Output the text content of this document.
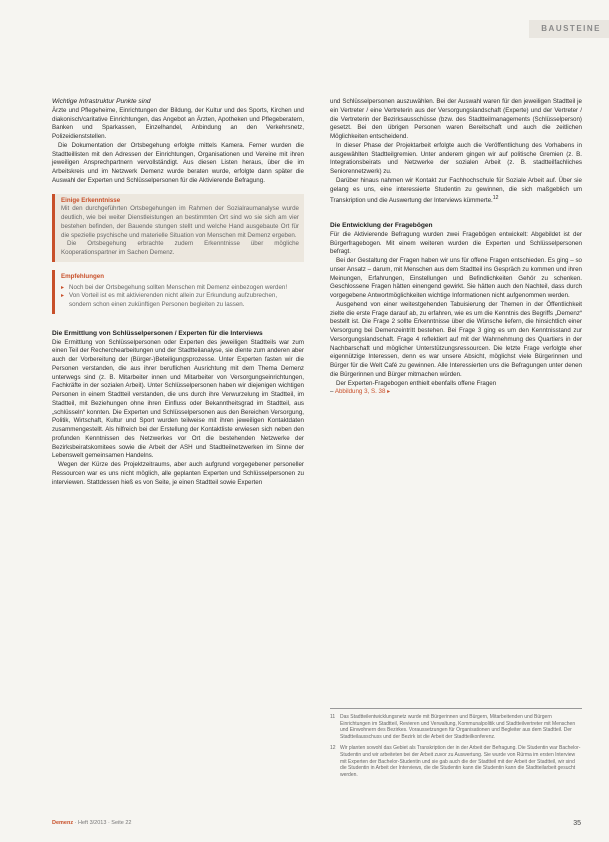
BAUSTEINE
Wichtige Infrastruktur Punkte sind

Ärzte und Pflegeheime, Einrichtungen der Bildung, der Kultur und des Sports, Kirchen und diakonisch/caritative Einrichtungen, das Angebot an Ärzten, Apotheken und Pflegeberatern, Banken und Sparkassen, Einzelhandel, Anbindung an den Verkehrsnetz, Polizeidienststellen.

Die Dokumentation der Ortsbegehung erfolgte mittels Kamera. Ferner wurden die Stadtteillisten mit den Adressen der Einrichtungen, Organisationen und Vereine mit ihren jeweiligen Ansprechpartnern vervollständigt. Aus diesen Listen heraus, über die im Arbeitskreis und im Netzwerk Demenz wurde beraten wurde, erfolgte dann später die Auswahl der Experten und Schlüsselpersonen für die Aktivierende Befragung.

Einige Erkenntnisse

Mit den durchgeführten Ortsbegehungen im Rahmen der Sozialraumanalyse wurde deutlich, wie bei weiter Dienstleistungen an bestimmten Ort sind wo sie sich am vier bestehen befinden, der Bauende stungen stellt und welche Hand ausgebaute Ort für die spezielle psychische und materielle Situation von Menschen mit Demenz ergeben.

Die Ortsbegehung erbrachte zudem Erkenntnisse über mögliche Kooperationspartner im Sachen Demenz.

Empfehlungen
▸ Noch bei der Ortsbegehung sollten Menschen mit Demenz einbezogen werden!
▸ Von Vorteil ist es mit aktivierenden nicht allein zur Erkundung aufzubrechen, sondern schon einen zukünftigen Personen begleiten zu lassen.
Die Ermittlung von Schlüsselpersonen / Experten für die Interviews

Die Ermittlung von Schlüsselpersonen oder Experten des jeweiligen Stadtteils war zum einen Teil der Recherchearbeitungen und der Stadtteilanalyse, sie diente zum anderen aber auch der Vorbereitung der (Bürger-)Beteiligungsprozesse. Unter Experten fasten wir die Personen verstanden, die aus ihrer beruflichen Ausrichtung mit dem Thema Demenz unterwegs sind (z. B. Mitarbeiter innen und Mitarbeiter von Versorgungseinrichtungen, Fachkräfte in der sozialen Arbeit). Unter Schlüsselpersonen haben wir diejenigen wichtigen Personen in einem Stadtteil verstanden, die uns durch ihre Verwurzelung im Stadtteil, im Stadtteil, mit Beziehungen ohne ihren Einfluss oder Bekanntheitsgrad im Stadtteil, aus „schlüsseln“ konnten. Die Experten und Schlüsselpersonen aus den Bereichen Versorgung, Politik, Wirtschaft, Kultur und Sport wurden teilweise mit ihren jeweiligen Kontaktdaten zusammengestellt. Als hilfreich bei der Erstellung der Kontaktliste erwiesen sich neben den profunden Kenntnissen des Netzwerkes vor Ort die bestehenden Netzwerke der Bezirksbeiratskomitees sowie die Arbeit der ASH und Stadtteilnetzwerken im Sinne der Lebenswelt gemeinsamen Handelns.

Wegen der Kürze des Projektzeitraums, aber auch aufgrund vorgegebener personeller Ressourcen war es uns nicht möglich, alle geplanten Experten und Schlüsselpersonen zu interviewen. Stattdessen hieß es von Seite, je einen Stadtteil sowie Experten

und Schlüsselpersonen auszuwählen. Bei der Auswahl waren für den jeweiligen Stadtteil je ein Vertreter / eine Vertreterin aus der Versorgungslandschaft (Experte) und der Vertreter / die Vertreterin der Bezirksausschüsse (bzw. des Stadtteilmanagements (Schlüsselperson) gesetzt. Bei den übrigen Personen waren Bereitschaft und auch die zeitlichen Möglichkeiten entscheidend.

In dieser Phase der Projektarbeit erfolgte auch die Veröffentlichung des Vorhabens in ausgewählten Stadtteilgremien. Unter anderem gingen wir auf politische Gremien (z. B. Integrationsbeirats und Netzwerke der sozialen Arbeit (z. B. stadtteilfachliches Seniorennetzwerk) zu.

Darüber hinaus nahmen wir Kontakt zur Fachhochschule für Soziale Arbeit auf. Über sie gelang es uns, eine interessierte Studentin zu gewinnen, die sich maßgeblich um Transkription und die Auswertung der Interviews kümmerte.$^{12}$

Die Entwicklung der Fragebögen

Für die Aktivierende Befragung wurden zwei Fragebögen entwickelt: Abgebildet ist der Bürgerfragebogen. Mit einem weiteren wurden die Experten und Schlüsselpersonen befragt.

Bei der Gestaltung der Fragen haben wir uns für offene Fragen entschieden. Es ging – so unser Ansatz – darum, mit Menschen aus dem Stadtteil ins Gespräch zu kommen und ihren Meinungen, Erfahrungen, Einstellungen und Befindlichkeiten Gehör zu schenken. Geschlossene Fragen hätten einengend gewirkt. Sie hätten auch den Nachteil, dass durch vorgegebene Antwortmöglichkeiten wichtige Informationen nicht aufgenommen werden.

Ausgehend von einer weitestgehenden Tabuisierung der Themen in der Öffentlichkeit zielte die erste Frage darauf ab, zu erfahren, wie es um die Kenntnis des Begriffs „Demenz“ bestellt ist. Die Frage 2 sollte Erkenntnisse über die Wünsche liefern, die hinsichtlich einer Versorgung bei Demenzeintritt bestehen. Bei Frage 3 ging es um den Kenntnisstand zur Versorgungslandschaft. Frage 4 reflektiert auf mit der Wahrnehmung des Quartiers in der Nachbarschaft und möglicher Unterstützungsressourcen. Die letzte Frage verfolgte eher eigennützige Interessen, denn es war unsere Absicht, möglichst viele Bürgerinnen und Bürger für die Welt Café zu gewinnen. Alle Interessierten uns die Befragungen unter denen die Bürgerinnen und Bürger mitmachen würden.

Der Experten-Fragebogen enthielt ebenfalls offene Fragen
– Abbildung 3, S. 38 ▸

11 Das Stadtteilentwicklungsnetz wurde mit Bürgerinnen und Bürgern, Mitarbeitenden und Bürgern Einrichtungen im Stadtteil, Revieren und Verwaltung, Kommunalpolitik und Stadtteilvertreter mit Menschen und Einwohnern des Bezirkes. Voraussetzungen für Organisationen und Begleiter aus dem Stadtteil. Der Stadtteilausschuss und der Bezirk ist die Arbeit der Stadtteilkonferenz.
12 Wir planten sowohl das Gebiet als Transkription der in der Arbeit der Befragung. Die Studentin war Bachelor-Studentin und wir arbeiteten bei der Arbeit zuvor zu Auswertung. Sie wurde von Rürma im ersten Interview mit Experten der Bachelor-Studentin und sie gab auch die der Stadtteil mit der Arbeit der Stadtteil, wir sind die Studentin in Arbeit der Interviews, die die Studentin kann die Studentin kann die Stadtteilarbeit gesucht werden.
Demenz · Heft 3/2013 · Seite 22	35
